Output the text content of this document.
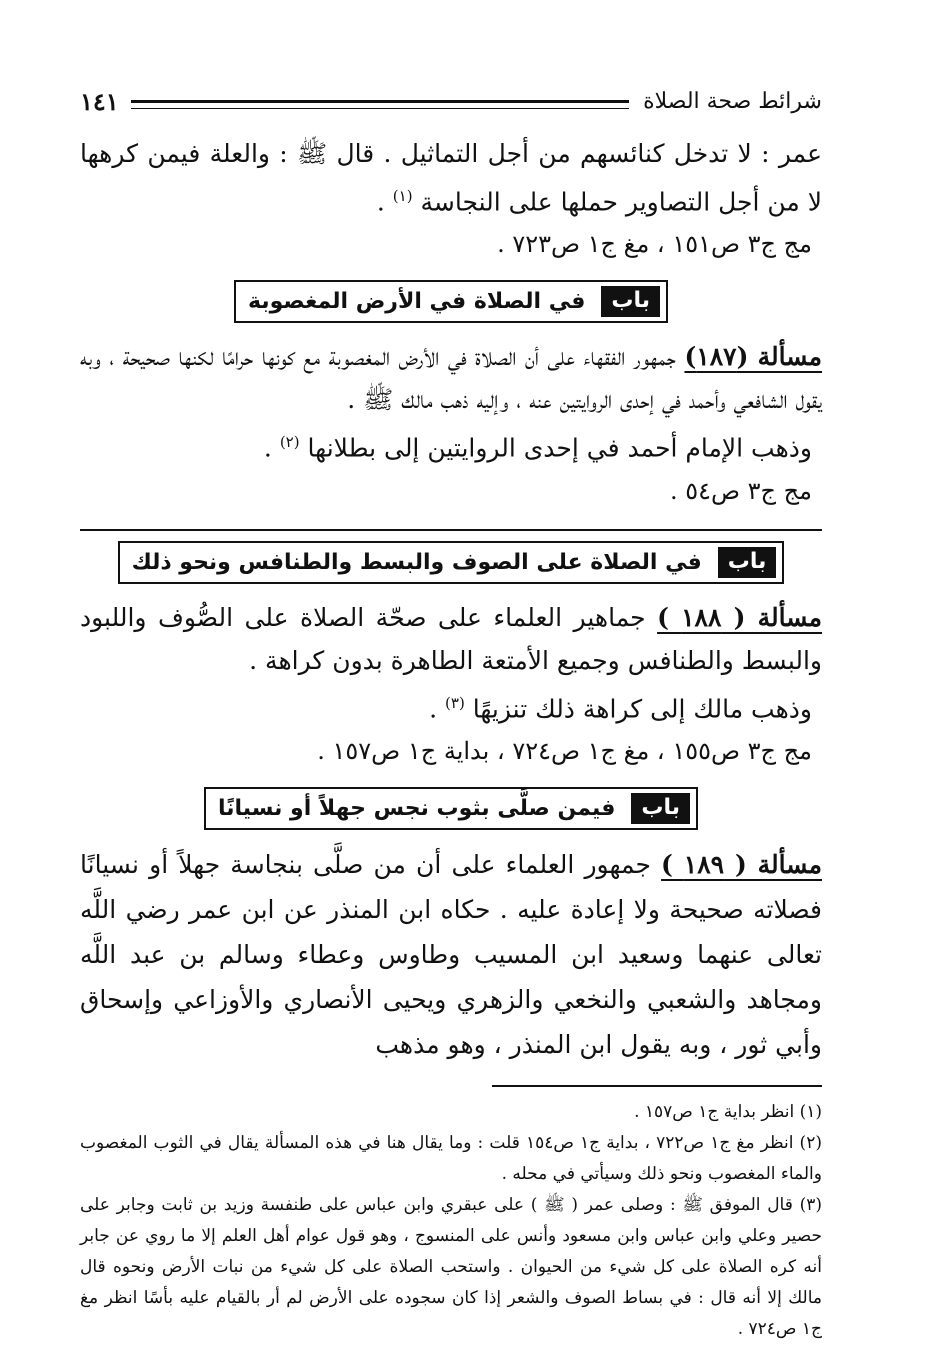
شرائط صحة الصلاة
١٤١

عمر : لا تدخل كنائسهم من أجل التماثيل . قال ﷺ : والعلة فيمن كرهها لا من أجل التصاوير حملها على النجاسة $^{(١)}$ .

مج ج٣ ص١٥١ ، مغ ج١ ص٧٢٣ .

باب
في الصلاة في الأرض المغصوبة

مسألة (١٨٧) جمهور الفقهاء على أن الصلاة في الأرض المغصوبة مع كونها حرامًا لكنها صحيحة ، وبه يقول الشافعي وأحمد في إحدى الروايتين عنه ، وإليه ذهب مالك ﷺ .

وذهب الإمام أحمد في إحدى الروايتين إلى بطلانها $^{(٢)}$ .

مج ج٣ ص٥٤ .

باب
في الصلاة على الصوف والبسط والطنافس ونحو ذلك

مسألة ( ١٨٨ ) جماهير العلماء على صحّة الصلاة على الصُّوف واللبود والبسط والطنافس وجميع الأمتعة الطاهرة بدون كراهة .

وذهب مالك إلى كراهة ذلك تنزيهًا $^{(٣)}$ .

مج ج٣ ص١٥٥ ، مغ ج١ ص٧٢٤ ، بداية ج١ ص١٥٧ .

باب
فيمن صلَّى بثوب نجس جهلاً أو نسيانًا

مسألة ( ١٨٩ ) جمهور العلماء على أن من صلَّى بنجاسة جهلاً أو نسيانًا فصلاته صحيحة ولا إعادة عليه . حكاه ابن المنذر عن ابن عمر رضي اللَّه تعالى عنهما وسعيد ابن المسيب وطاوس وعطاء وسالم بن عبد اللَّه ومجاهد والشعبي والنخعي والزهري ويحيى الأنصاري والأوزاعي وإسحاق وأبي ثور ، وبه يقول ابن المنذر ، وهو مذهب

(١) انظر بداية ج١ ص١٥٧ .

(٢) انظر مغ ج١ ص٧٢٢ ، بداية ج١ ص١٥٤ قلت : وما يقال هنا في هذه المسألة يقال في الثوب المغصوب والماء المغصوب ونحو ذلك وسيأتي في محله .

(٣) قال الموفق ﷺ : وصلى عمر ( ﷺ ) على عبقري وابن عباس على طنفسة وزيد بن ثابت وجابر على حصير وعلي وابن عباس وابن مسعود وأنس على المنسوج ، وهو قول عوام أهل العلم إلا ما روي عن جابر أنه كره الصلاة على كل شيء من الحيوان . واستحب الصلاة على كل شيء من نبات الأرض ونحوه قال مالك إلا أنه قال : في بساط الصوف والشعر إذا كان سجوده على الأرض لم أر بالقيام عليه بأسًا انظر مغ ج١ ص٧٢٤ .
